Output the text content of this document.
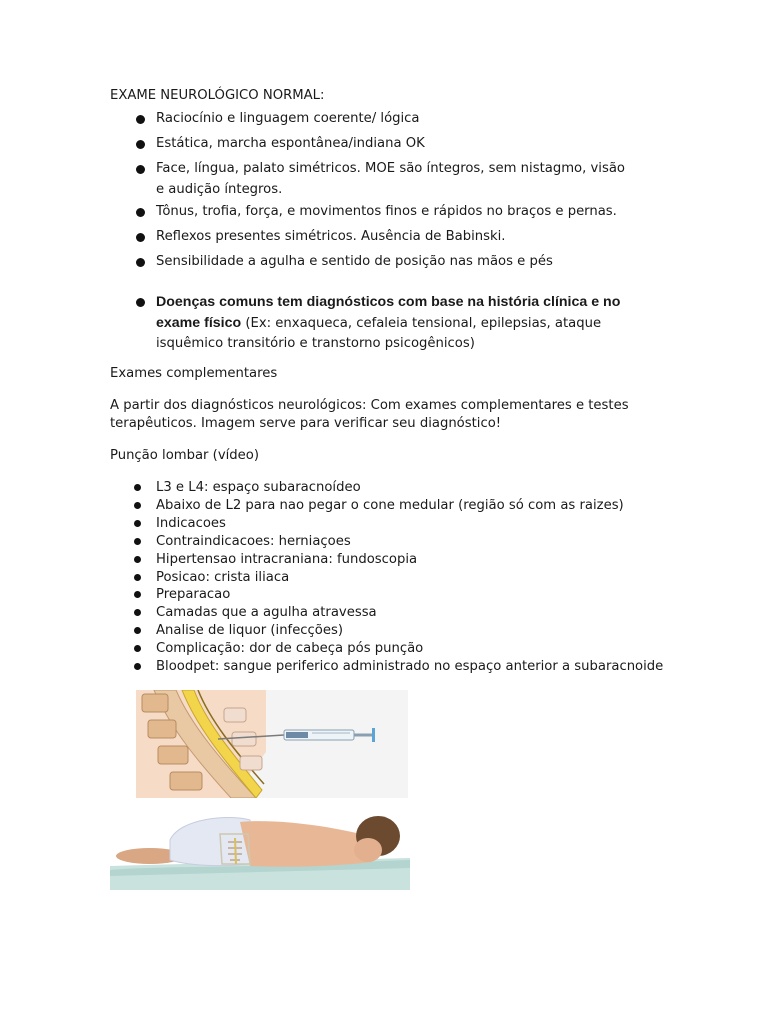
EXAME NEUROLÓGICO NORMAL:

Raciocínio e linguagem coerente/ lógica
Estática, marcha espontânea/indiana OK
Face, língua, palato simétricos. MOE são íntegros, sem nistagmo, visão e audição íntegros.
Tônus, trofia, força, e movimentos finos e rápidos no braços e pernas.
Reflexos presentes simétricos. Ausência de Babinski.
Sensibilidade a agulha e sentido de posição nas mãos e pés
Doenças comuns tem diagnósticos com base na história clínica e no exame físico (Ex: enxaqueca, cefaleia tensional, epilepsias, ataque isquêmico transitório e transtorno psicogênicos)

Exames complementares

A partir dos diagnósticos neurológicos: Com exames complementares e testes terapêuticos. Imagem serve para verificar seu diagnóstico!

Punção lombar (vídeo)

L3 e L4: espaço subaracnoídeo
Abaixo de L2 para nao pegar o cone medular (região só com as raizes)
Indicacoes
Contraindicacoes: herniaçoes
Hipertensao intracraniana: fundoscopia
Posicao: crista iliaca
Preparacao
Camadas que a agulha atravessa
Analise de liquor (infecções)
Complicação: dor de cabeça pós punção
Bloodpet: sangue periferico administrado no espaço anterior a subaracnoide
